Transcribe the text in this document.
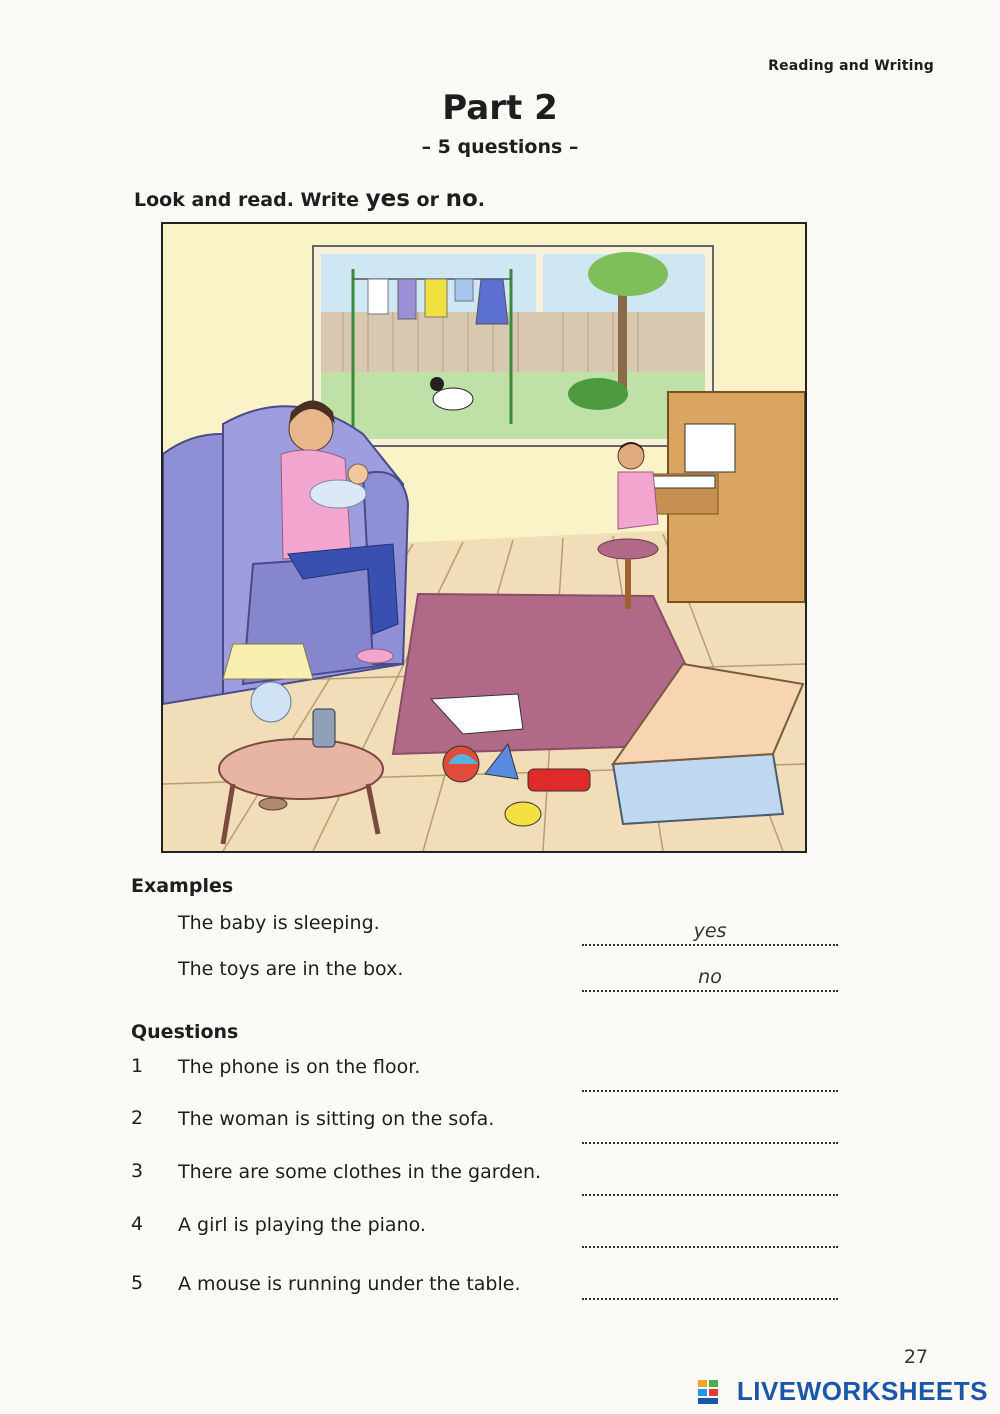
Reading and Writing
Part 2
– 5 questions –
Look and read. Write yes or no.
Examples
The baby is sleeping.	yes
The toys are in the box.	no
Questions
1 The phone is on the floor.
2 The woman is sitting on the sofa.
3 There are some clothes in the garden.
4 A girl is playing the piano.
5 A mouse is running under the table.
27
LIVEWORKSHEETS
